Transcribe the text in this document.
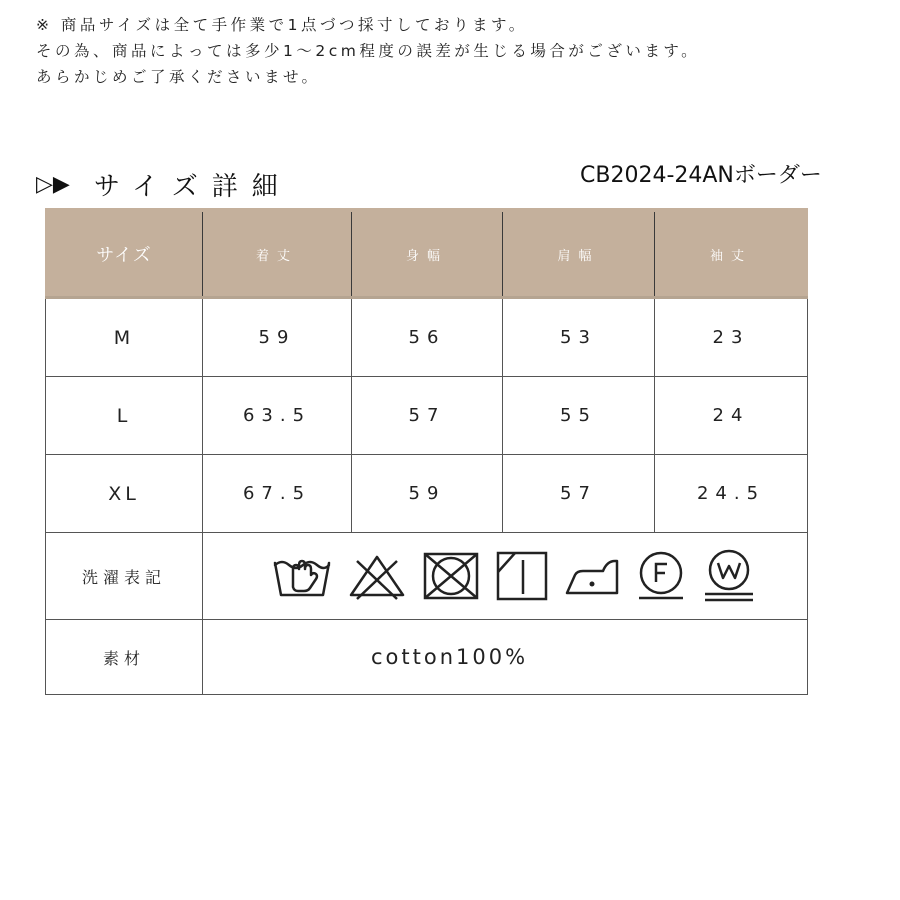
※ 商品サイズは全て手作業で1点づつ採寸しております。
その為、商品によっては多少1〜2cm程度の誤差が生じる場合がございます。
あらかじめご了承くださいませ。
▷▶ サイズ詳細	CB2024-24ANボーダー
サイズ	着丈	身幅	肩幅	袖丈
M	59	56	53	23
L	63.5	57	55	24
XL	67.5	59	57	24.5
洗濯表記	

素材	cotton100%			
